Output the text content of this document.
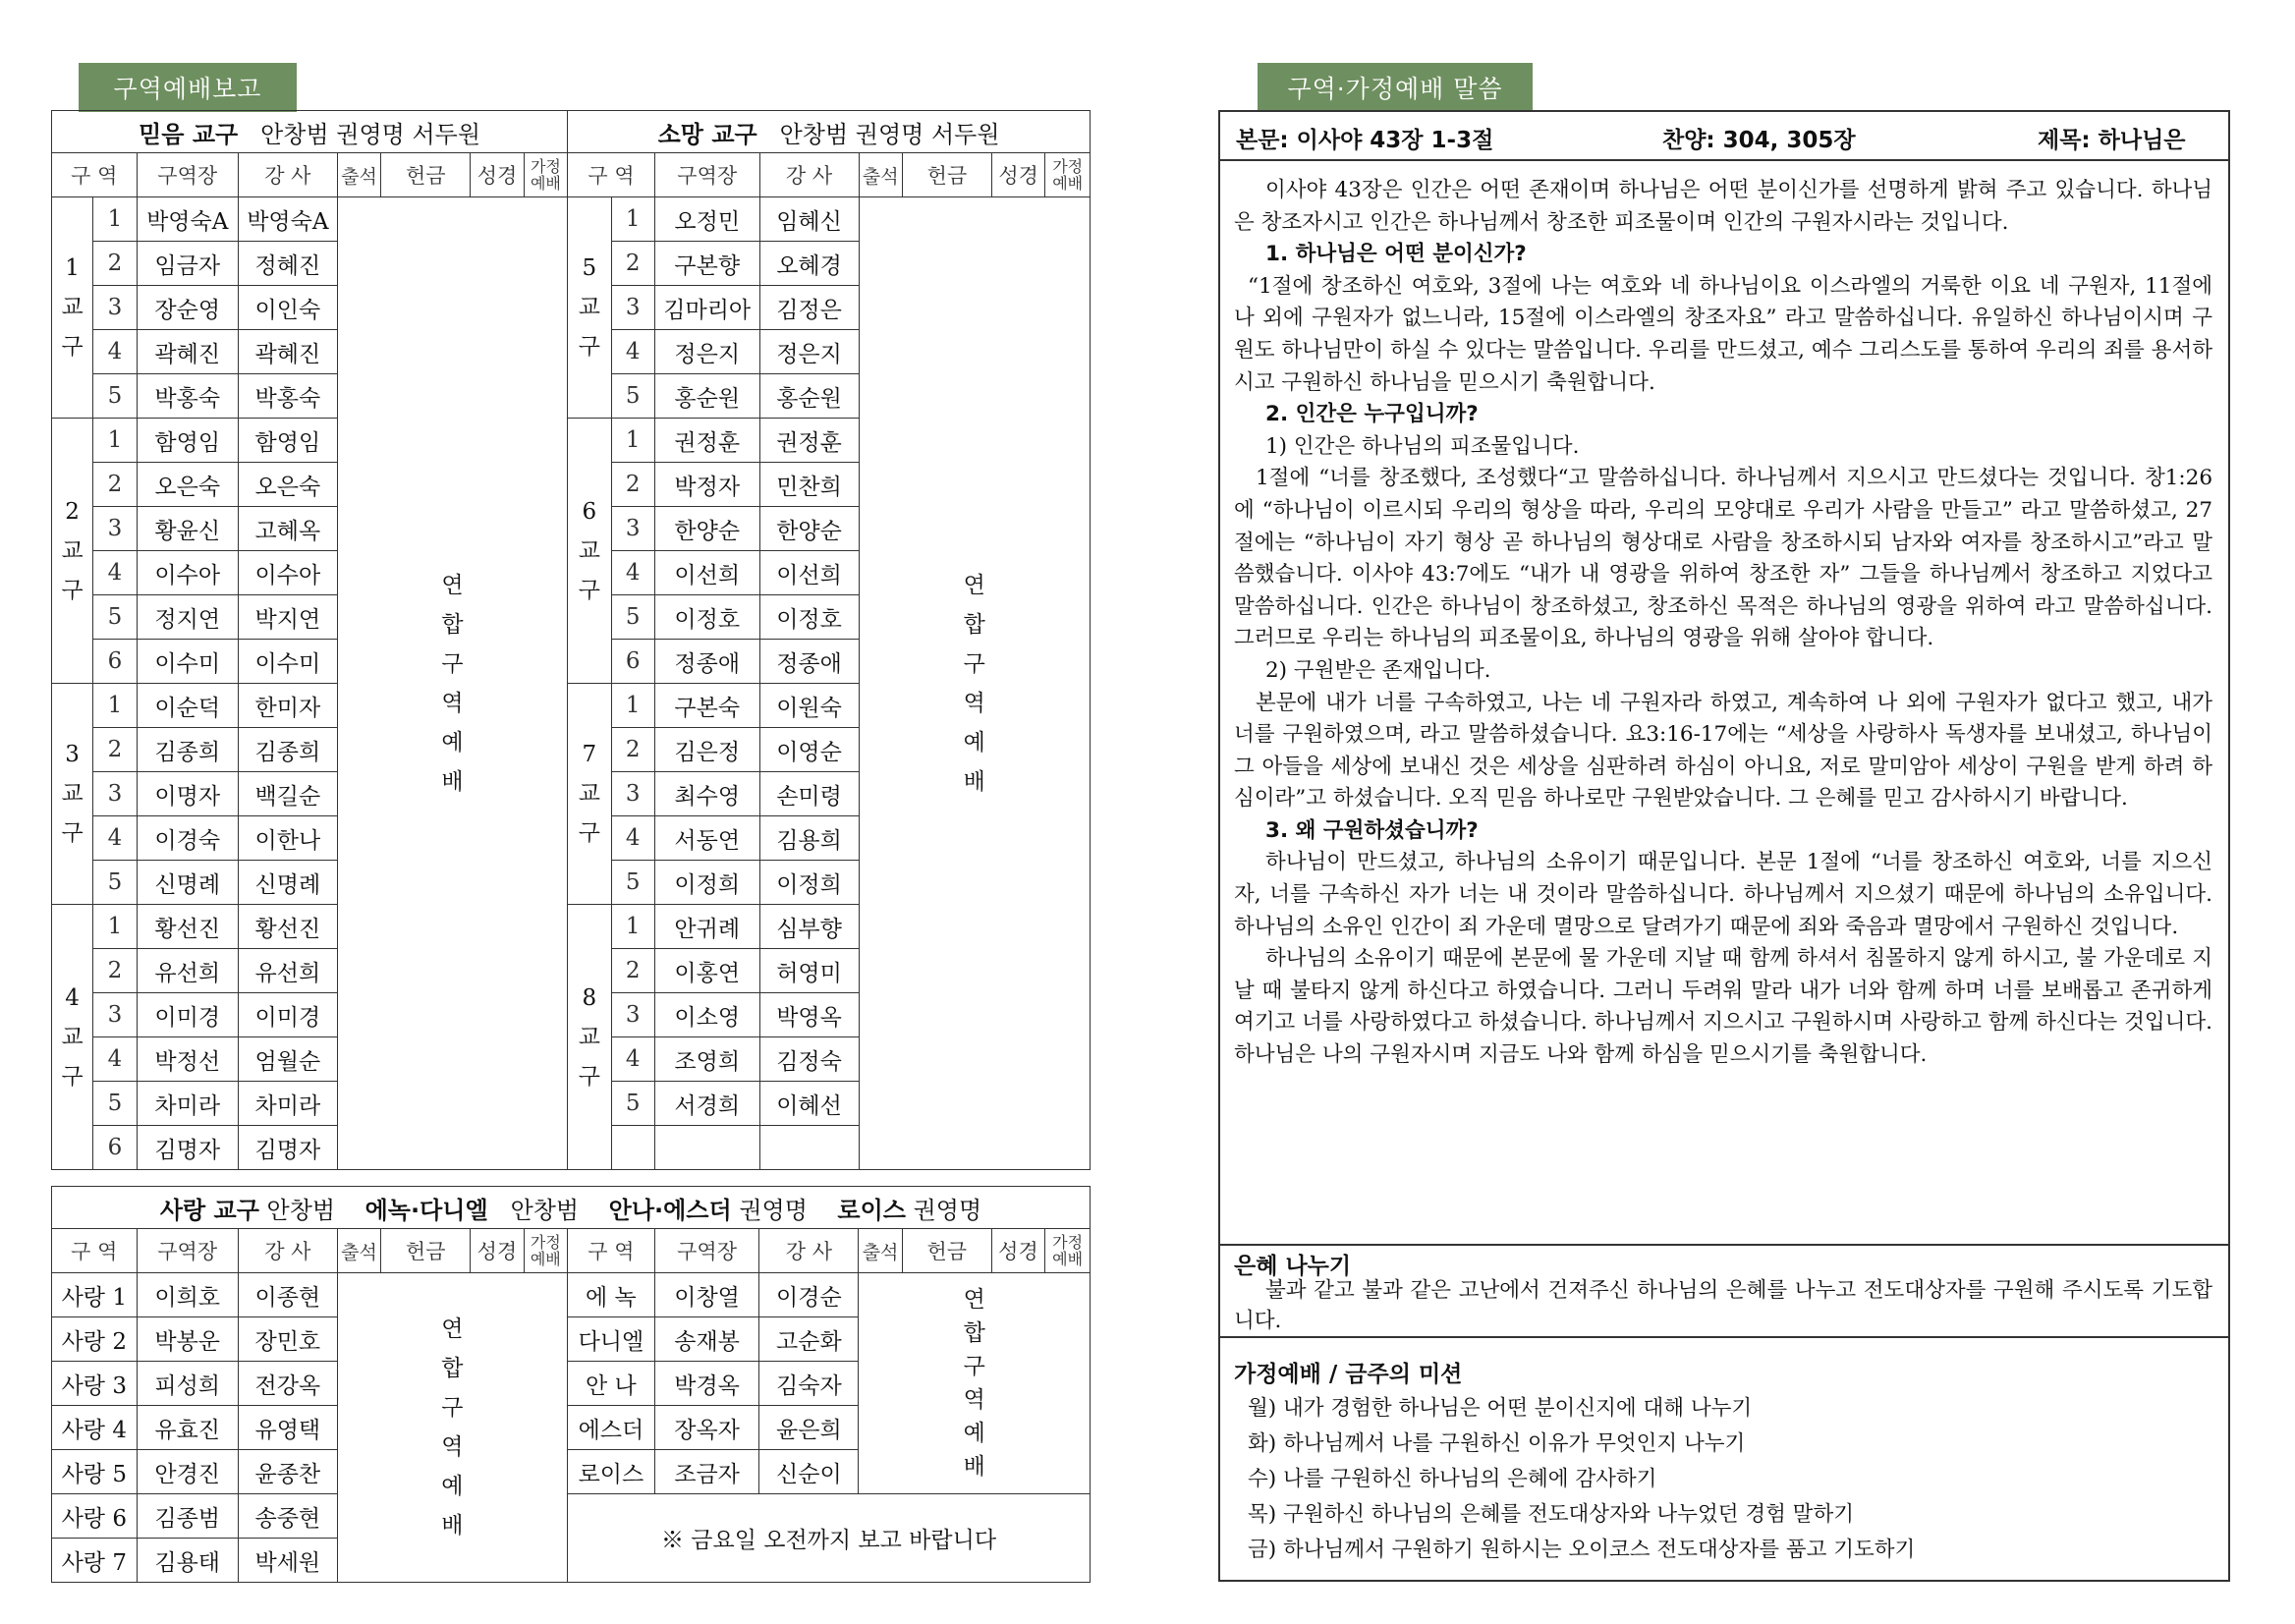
구역예배보고	구역·가정예배 말씀
믿음 교구 안창범 권영명 서두원								소망 교구 안창범 권영명 서두원							
구 역		구역장	강 사	출석	헌금	성경	가정예배	구 역		구역장	강 사	출석	헌금	성경	가정예배
1교구	1	박영숙A	박영숙A	연합구역예배				5교구	1	오정민	임혜신	연합구역예배			
	2	임금자	정혜진						2	구본향	오혜경				
	3	장순영	이인숙						3	김마리아	김정은				
	4	곽혜진	곽혜진						4	정은지	정은지				
	5	박홍숙	박홍숙						5	홍순원	홍순원				
2교구	1	함영임	함영임					6교구	1	권정훈	권정훈				
	2	오은숙	오은숙						2	박정자	민찬희				
	3	황윤신	고혜옥						3	한양순	한양순				
	4	이수아	이수아						4	이선희	이선희				
	5	정지연	박지연						5	이정호	이정호				
	6	이수미	이수미						6	정종애	정종애				
3교구	1	이순덕	한미자					7교구	1	구본숙	이원숙				
	2	김종희	김종희						2	김은정	이영순				
	3	이명자	백길순						3	최수영	손미령				
	4	이경숙	이한나						4	서동연	김용희				
	5	신명례	신명례						5	이정희	이정희				
4교구	1	황선진	황선진					8교구	1	안귀례	심부향				
	2	유선희	유선희						2	이홍연	허영미				
	3	이미경	이미경						3	이소영	박영옥				
	4	박정선	엄월순						4	조영희	김정숙				
	5	차미라	차미라						5	서경희	이혜선				
	6	김명자	김명자												
사랑 교구 안창범 에녹·다니엘 안창범 안나·에스더 권영명 로이스 권영명													
구 역	구역장	강 사	출석	헌금	성경	가정예배	구 역	구역장	강 사	출석	헌금	성경	가정예배
사랑 1	이희호	이종현	연합구역예배				에 녹	이창열	이경순	연합구역예배			
사랑 2	박봉운	장민호					다니엘	송재봉	고순화				
사랑 3	피성희	전강옥					안 나	박경옥	김숙자				
사랑 4	유효진	유영택					에스더	장옥자	윤은희				
사랑 5	안경진	윤종찬					로이스	조금자	신순이				
사랑 6	김종범	송중현					※ 금요일 오전까지 보고 바랍니다						
사랑 7	김용태	박세원											
본문: 이사야 43장 1-3절	찬양: 304, 305장	제목: 하나님은

이사야 43장은 인간은 어떤 존재이며 하나님은 어떤 분이신가를 선명하게 밝혀 주고 있습니다. 하나님은 창조자시고 인간은 하나님께서 창조한 피조물이며 인간의 구원자시라는 것입니다.

1. 하나님은 어떤 분이신가?

“1절에 창조하신 여호와, 3절에 나는 여호와 네 하나님이요 이스라엘의 거룩한 이요 네 구원자, 11절에 나 외에 구원자가 없느니라, 15절에 이스라엘의 창조자요” 라고 말씀하십니다. 유일하신 하나님이시며 구원도 하나님만이 하실 수 있다는 말씀입니다. 우리를 만드셨고, 예수 그리스도를 통하여 우리의 죄를 용서하시고 구원하신 하나님을 믿으시기 축원합니다.

2. 인간은 누구입니까?

1) 인간은 하나님의 피조물입니다.

1절에 “너를 창조했다, 조성했다“고 말씀하십니다. 하나님께서 지으시고 만드셨다는 것입니다. 창1:26에 “하나님이 이르시되 우리의 형상을 따라, 우리의 모양대로 우리가 사람을 만들고” 라고 말씀하셨고, 27절에는 “하나님이 자기 형상 곧 하나님의 형상대로 사람을 창조하시되 남자와 여자를 창조하시고”라고 말씀했습니다. 이사야 43:7에도 “내가 내 영광을 위하여 창조한 자” 그들을 하나님께서 창조하고 지었다고 말씀하십니다. 인간은 하나님이 창조하셨고, 창조하신 목적은 하나님의 영광을 위하여 라고 말씀하십니다. 그러므로 우리는 하나님의 피조물이요, 하나님의 영광을 위해 살아야 합니다.

2) 구원받은 존재입니다.

본문에 내가 너를 구속하였고, 나는 네 구원자라 하였고, 계속하여 나 외에 구원자가 없다고 했고, 내가 너를 구원하였으며, 라고 말씀하셨습니다. 요3:16-17에는 “세상을 사랑하사 독생자를 보내셨고, 하나님이 그 아들을 세상에 보내신 것은 세상을 심판하려 하심이 아니요, 저로 말미암아 세상이 구원을 받게 하려 하심이라”고 하셨습니다. 오직 믿음 하나로만 구원받았습니다. 그 은혜를 믿고 감사하시기 바랍니다.

3. 왜 구원하셨습니까?

하나님이 만드셨고, 하나님의 소유이기 때문입니다. 본문 1절에 “너를 창조하신 여호와, 너를 지으신 자, 너를 구속하신 자가 너는 내 것이라 말씀하십니다. 하나님께서 지으셨기 때문에 하나님의 소유입니다. 하나님의 소유인 인간이 죄 가운데 멸망으로 달려가기 때문에 죄와 죽음과 멸망에서 구원하신 것입니다.

하나님의 소유이기 때문에 본문에 물 가운데 지날 때 함께 하셔서 침몰하지 않게 하시고, 불 가운데로 지날 때 불타지 않게 하신다고 하였습니다. 그러니 두려워 말라 내가 너와 함께 하며 너를 보배롭고 존귀하게 여기고 너를 사랑하였다고 하셨습니다. 하나님께서 지으시고 구원하시며 사랑하고 함께 하신다는 것입니다. 하나님은 나의 구원자시며 지금도 나와 함께 하심을 믿으시기를 축원합니다.

은혜 나누기
불과 같고 불과 같은 고난에서 건져주신 하나님의 은혜를 나누고 전도대상자를 구원해 주시도록 기도합니다.
가정예배 / 금주의 미션

월) 내가 경험한 하나님은 어떤 분이신지에 대해 나누기

화) 하나님께서 나를 구원하신 이유가 무엇인지 나누기

수) 나를 구원하신 하나님의 은혜에 감사하기

목) 구원하신 하나님의 은혜를 전도대상자와 나누었던 경험 말하기

금) 하나님께서 구원하기 원하시는 오이코스 전도대상자를 품고 기도하기
